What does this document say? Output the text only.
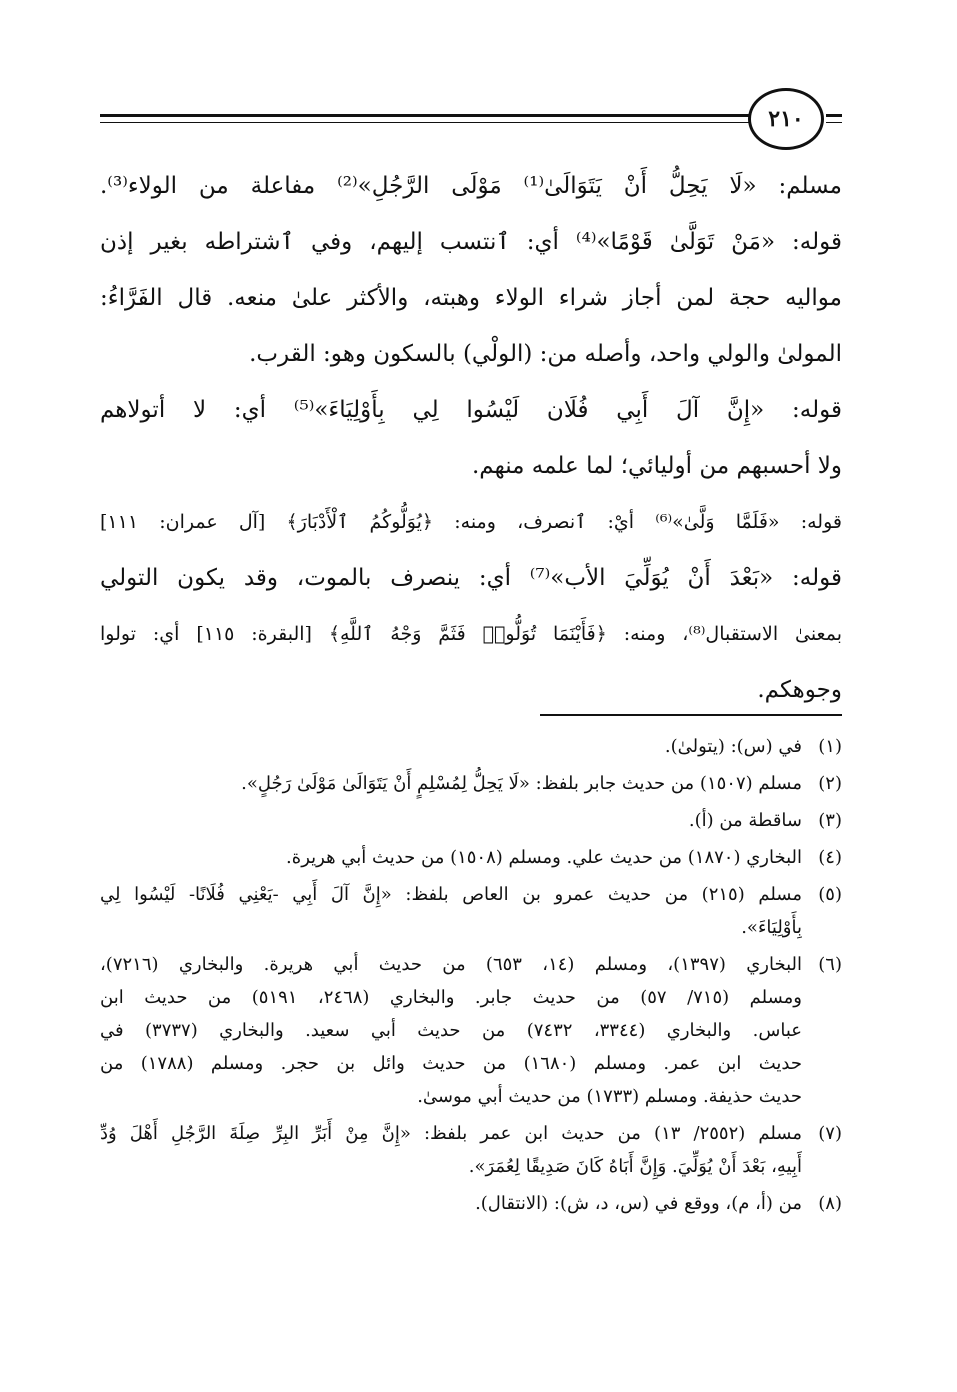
٢١٠
مسلم: «لَا يَحِلُّ أَنْ يَتَوَالَىٰ⁽¹⁾ مَوْلَى الرَّجُلِ»⁽²⁾ مفاعلة من الولاء⁽³⁾.
قوله: «مَنْ تَوَلَّىٰ قَوْمًا»⁽⁴⁾ أي: ٱنتسب إليهم، وفي ٱشتراطه بغير إذن
مواليه حجة لمن أجاز شراء الولاء وهبته، والأكثر علىٰ منعه. قال الفَرَّاءُ:
المولىٰ والولي واحد، وأصله من: (الولْي) بالسكون وهو: القرب.
قوله: «إِنَّ آلَ أَبِي فُلَان لَيْسُوا لِي بِأَوْلِيَاءَ»⁽⁵⁾ أي: لا أتولاهم
ولا أحسبهم من أوليائي؛ لما علمه منهم.
قوله: «فَلَمَّا وَلَّىٰ»⁽⁶⁾ أيْ: ٱنصرف، ومنه: ﴿يُوَلُّوكُمُ ٱلْأَدْبَارَ﴾ [آل عمران: ١١١]
قوله: «بَعْدَ أَنْ يُوَلِّيَ الأب»⁽⁷⁾ أي: ينصرف بالموت، وقد يكون التولي
بمعنىٰ الاستقبال⁽⁸⁾، ومنه: ﴿فَأَيْنَمَا تُوَلُّوا۟ فَثَمَّ وَجْهُ ٱللَّهِ﴾ [البقرة: ١١٥] أي: تولوا
وجوهكم.
(١)
في (س): (يتولىٰ).
(٢)
مسلم (١٥٠٧) من حديث جابر بلفظ: «لَا يَحِلُّ لِمُسْلِمٍ أَنْ يَتَوَالَىٰ مَوْلَىٰ رَجُلٍ».
(٣)
ساقطة من (أ).
(٤)
البخاري (١٨٧٠) من حديث علي. ومسلم (١٥٠٨) من حديث أبي هريرة.
(٥)
مسلم (٢١٥) من حديث عمرو بن العاص بلفظ: «إِنَّ آلَ أَبِي -يَعْنِي فُلَانًا- لَيْسُوا لِي
بِأَوْلِيَاءَ».
(٦)
البخاري (١٣٩٧)، ومسلم (١٤، ٦٥٣) من حديث أبي هريرة. والبخاري (٧٢١٦)،
ومسلم (٧١٥/ ٥٧) من حديث جابر. والبخاري (٢٤٦٨، ٥١٩١) من حديث ابن
عباس. والبخاري (٣٣٤٤، ٧٤٣٢) من حديث أبي سعيد. والبخاري (٣٧٣٧) في
حديث ابن عمر. ومسلم (١٦٨٠) من حديث وائل بن حجر. ومسلم (١٧٨٨) من
حديث حذيفة. ومسلم (١٧٣٣) من حديث أبي موسىٰ.
(٧)
مسلم (٢٥٥٢/ ١٣) من حديث ابن عمر بلفظ: «إِنَّ مِنْ أَبَرِّ البِرِّ صِلَةَ الرَّجُلِ أَهْلَ وُدِّ
أَبِيهِ، بَعْدَ أَنْ يُوَلِّيَ. وَإِنَّ أَبَاهُ كَانَ صَدِيقًا لِعُمَرَ».
(٨)
من (أ، م)، ووقع في (س، د، ش): (الانتقال).
